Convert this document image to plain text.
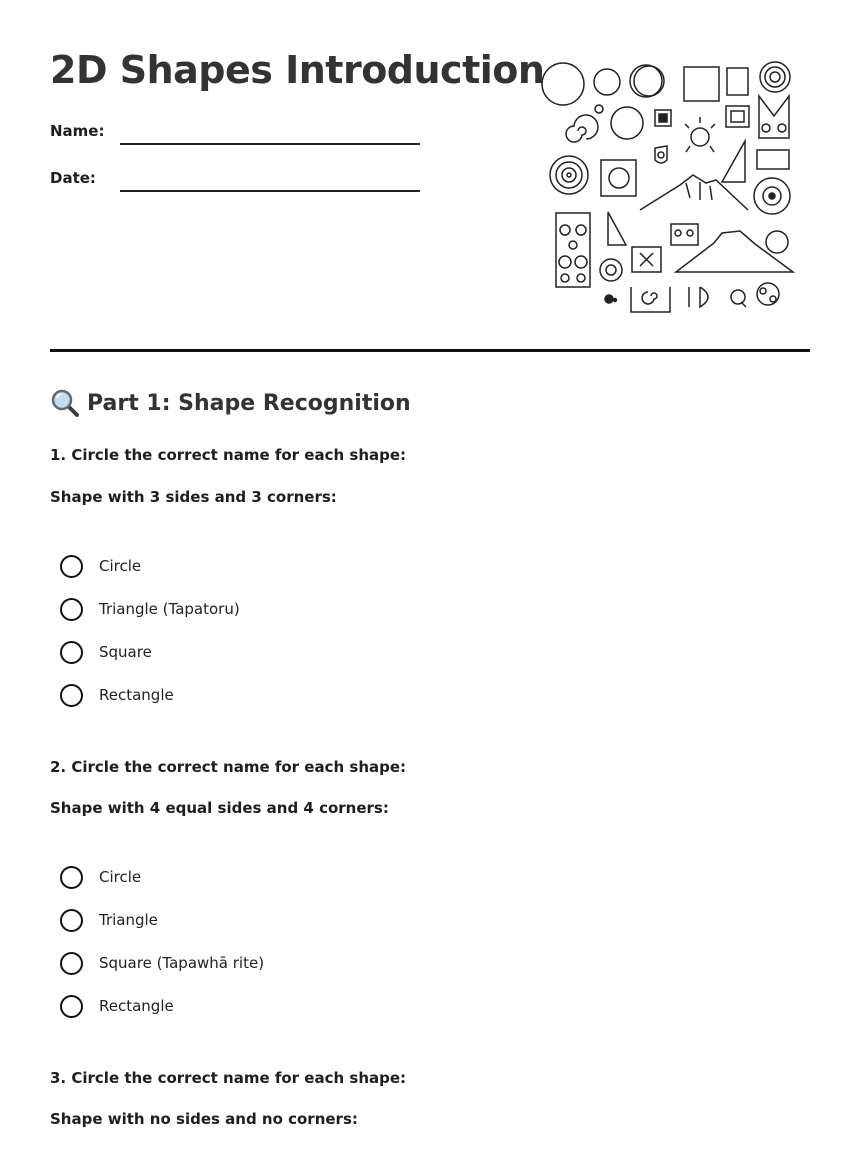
2D Shapes Introduction
Name:
Date:
Part 1: Shape Recognition
1. Circle the correct name for each shape:
Shape with 3 sides and 3 corners:
Circle
Triangle (Tapatoru)
Square
Rectangle
2. Circle the correct name for each shape:
Shape with 4 equal sides and 4 corners:
Circle
Triangle
Square (Tapawhā rite)
Rectangle
3. Circle the correct name for each shape:
Shape with no sides and no corners:
